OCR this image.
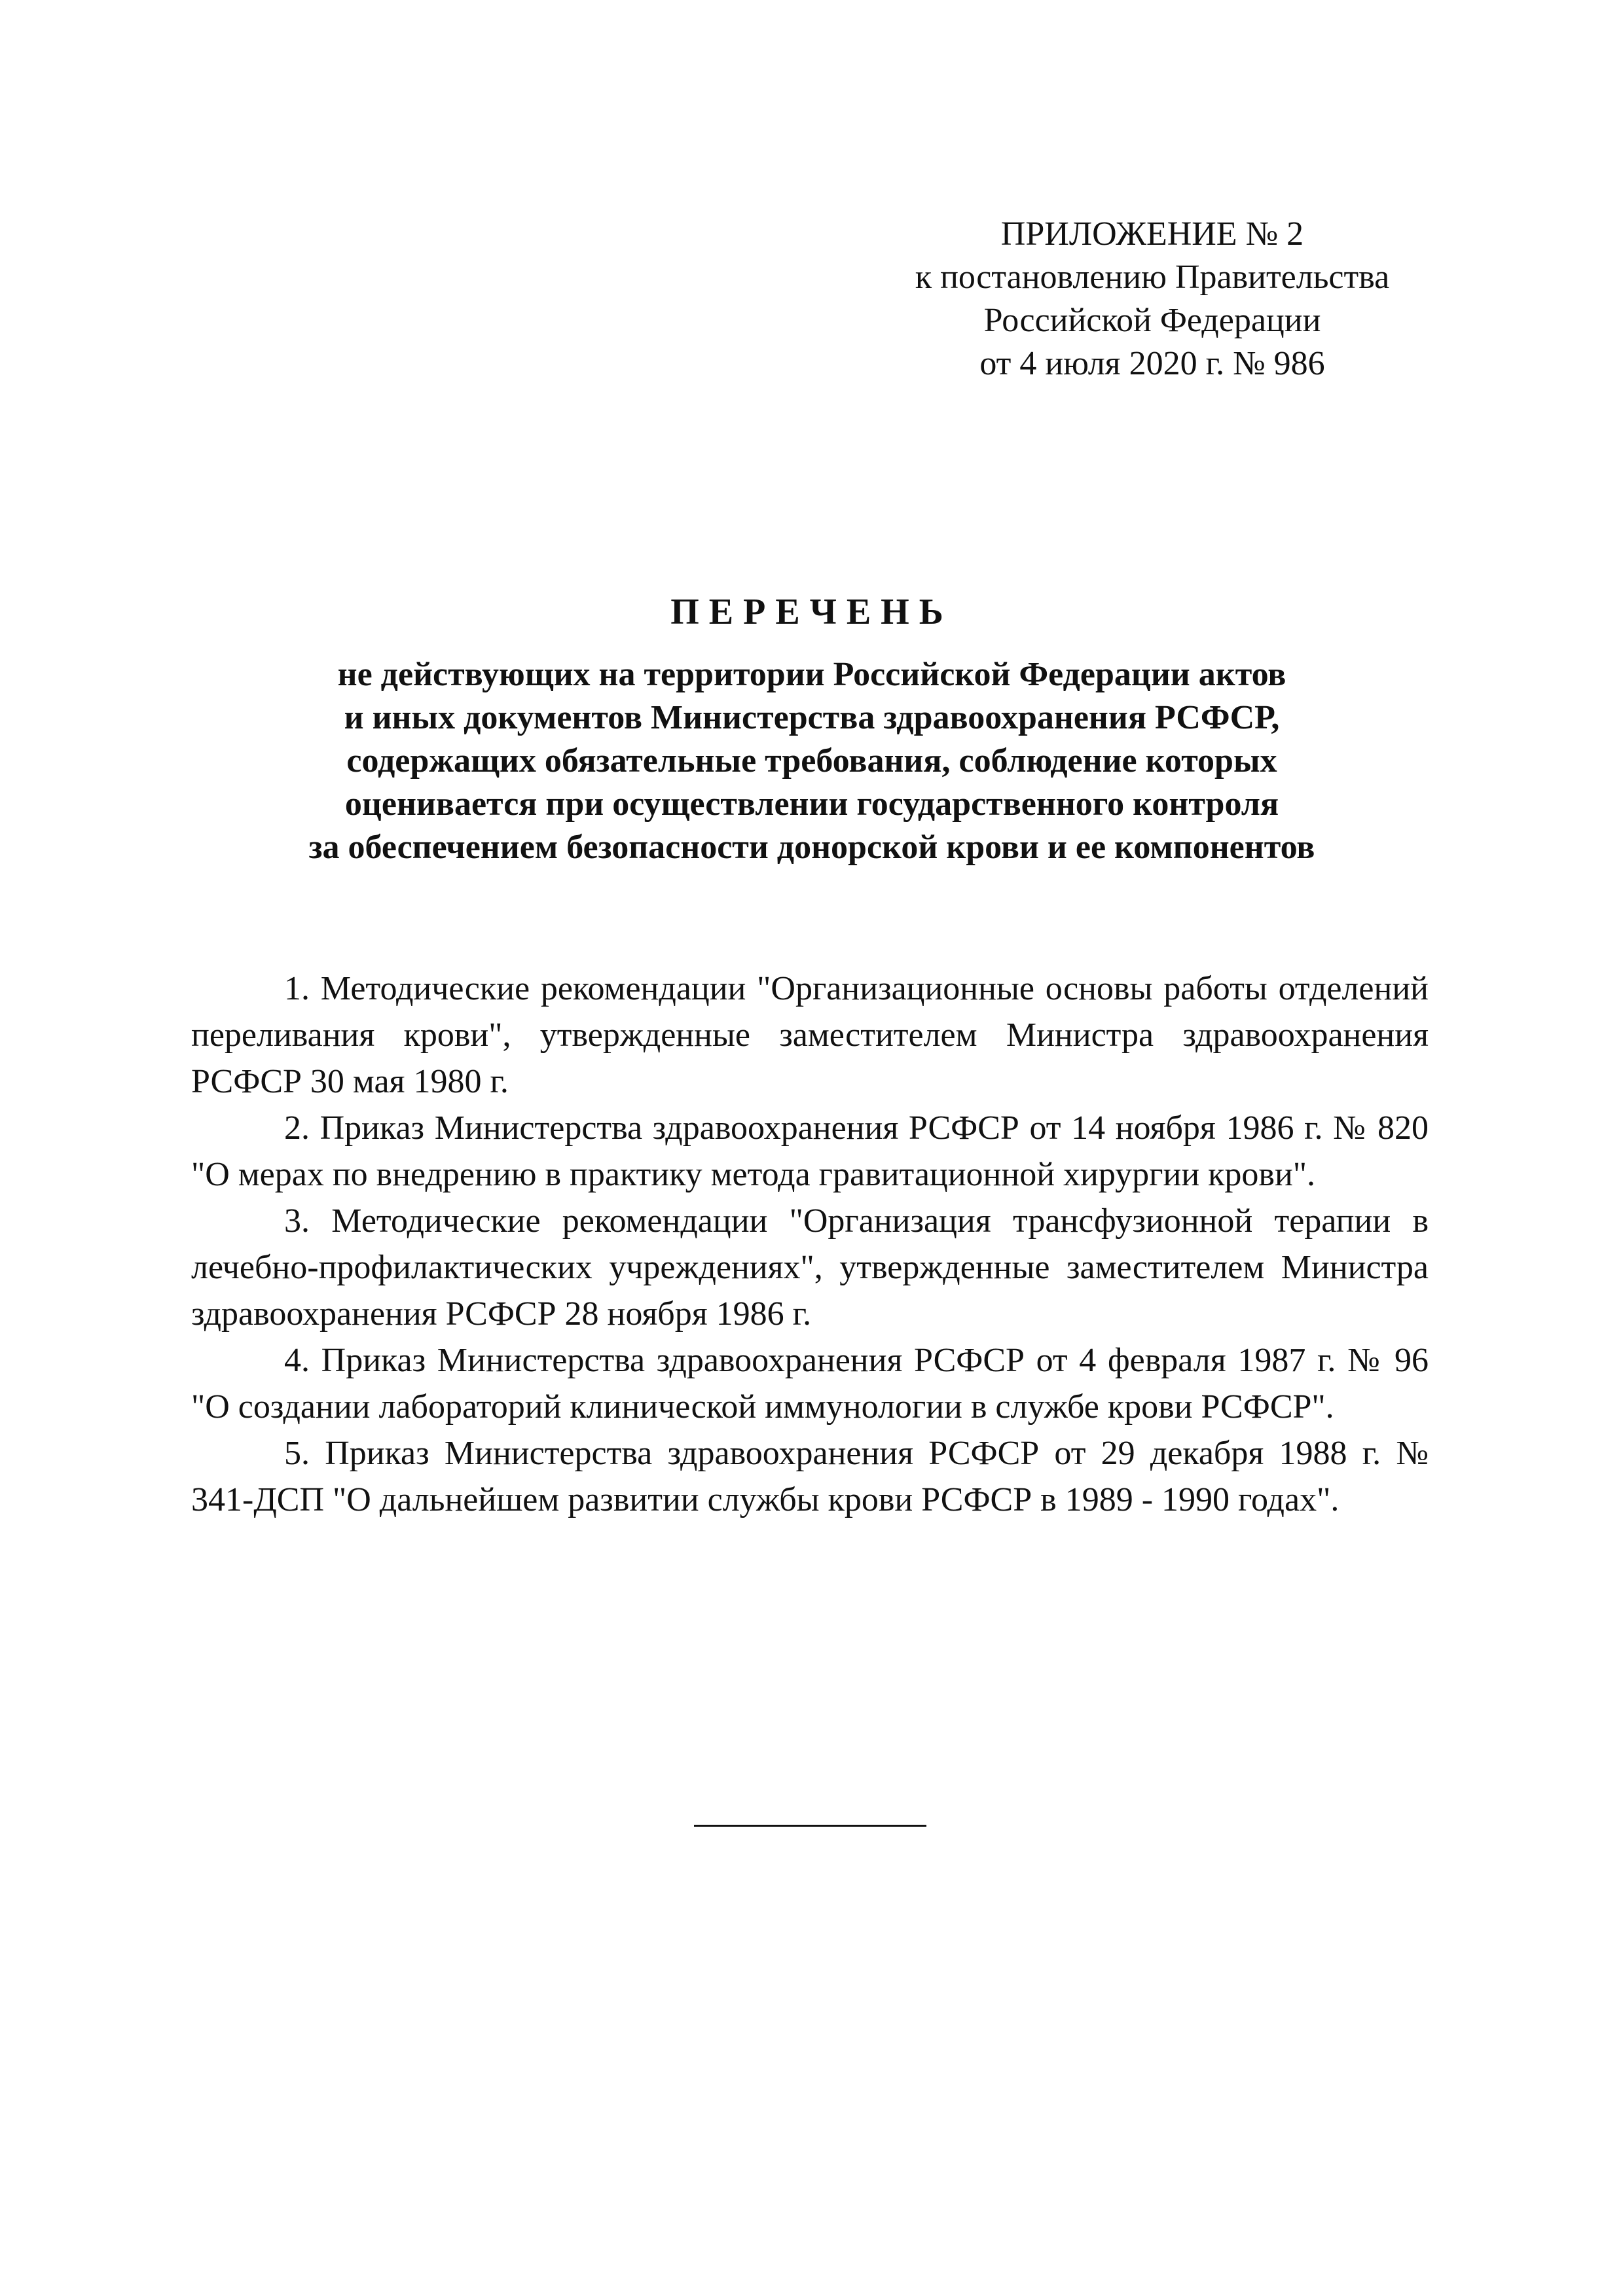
ПРИЛОЖЕНИЕ № 2
к постановлению Правительства
Российской Федерации
от 4 июля 2020 г. № 986
ПЕРЕЧЕНЬ
не действующих на территории Российской Федерации актов
и иных документов Министерства здравоохранения РСФСР,
содержащих обязательные требования, соблюдение которых
оценивается при осуществлении государственного контроля
за обеспечением безопасности донорской крови и ее компонентов

1. Методические рекомендации "Организационные основы работы отделений переливания крови", утвержденные заместителем Министра здравоохранения РСФСР 30 мая 1980 г.

2. Приказ Министерства здравоохранения РСФСР от 14 ноября 1986 г. № 820 "О мерах по внедрению в практику метода гравитационной хирургии крови".

3. Методические рекомендации "Организация трансфузионной терапии в лечебно-профилактических учреждениях", утвержденные заместителем Министра здравоохранения РСФСР 28 ноября 1986 г.

4. Приказ Министерства здравоохранения РСФСР от 4 февраля 1987 г. № 96 "О создании лабораторий клинической иммунологии в службе крови РСФСР".

5. Приказ Министерства здравоохранения РСФСР от 29 декабря 1988 г. № 341-ДСП "О дальнейшем развитии службы крови РСФСР в 1989 - 1990 годах".
